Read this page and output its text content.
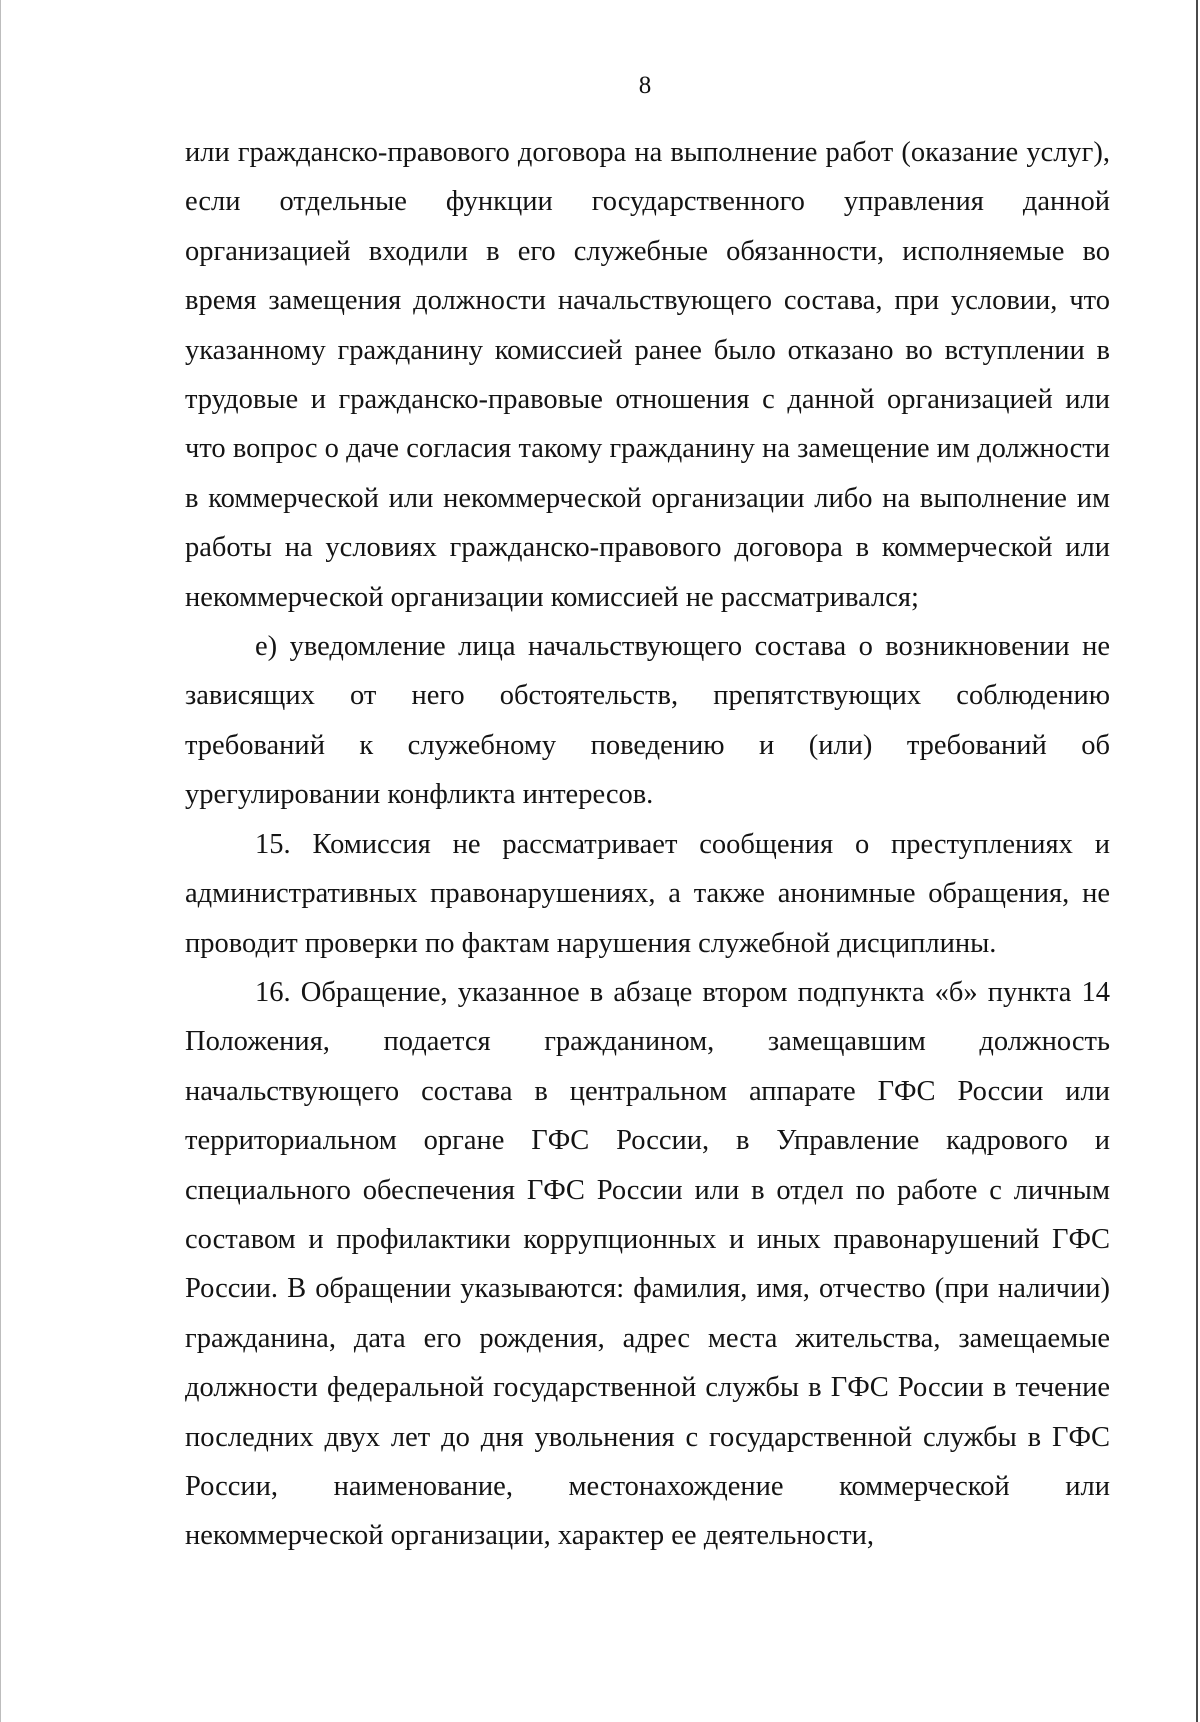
8

или гражданско-правового договора на выполнение работ (оказание услуг), если отдельные функции государственного управления данной организацией входили в его служебные обязанности, исполняемые во время замещения должности начальствующего состава, при условии, что указанному гражданину комиссией ранее было отказано во вступлении в трудовые и гражданско-правовые отношения с данной организацией или что вопрос о даче согласия такому гражданину на замещение им должности в коммерческой или некоммерческой организации либо на выполнение им работы на условиях гражданско-правового договора в коммерческой или некоммерческой организации комиссией не рассматривался;

е) уведомление лица начальствующего состава о возникновении не зависящих от него обстоятельств, препятствующих соблюдению требований к служебному поведению и (или) требований об урегулировании конфликта интересов.

15. Комиссия не рассматривает сообщения о преступлениях и административных правонарушениях, а также анонимные обращения, не проводит проверки по фактам нарушения служебной дисциплины.

16. Обращение, указанное в абзаце втором подпункта «б» пункта 14 Положения, подается гражданином, замещавшим должность начальствующего состава в центральном аппарате ГФС России или территориальном органе ГФС России, в Управление кадрового и специального обеспечения ГФС России или в отдел по работе с личным составом и профилактики коррупционных и иных правонарушений ГФС России. В обращении указываются: фамилия, имя, отчество (при наличии) гражданина, дата его рождения, адрес места жительства, замещаемые должности федеральной государственной службы в ГФС России в течение последних двух лет до дня увольнения с государственной службы в ГФС России, наименование, местонахождение коммерческой или некоммерческой организации, характер ее деятельности,
